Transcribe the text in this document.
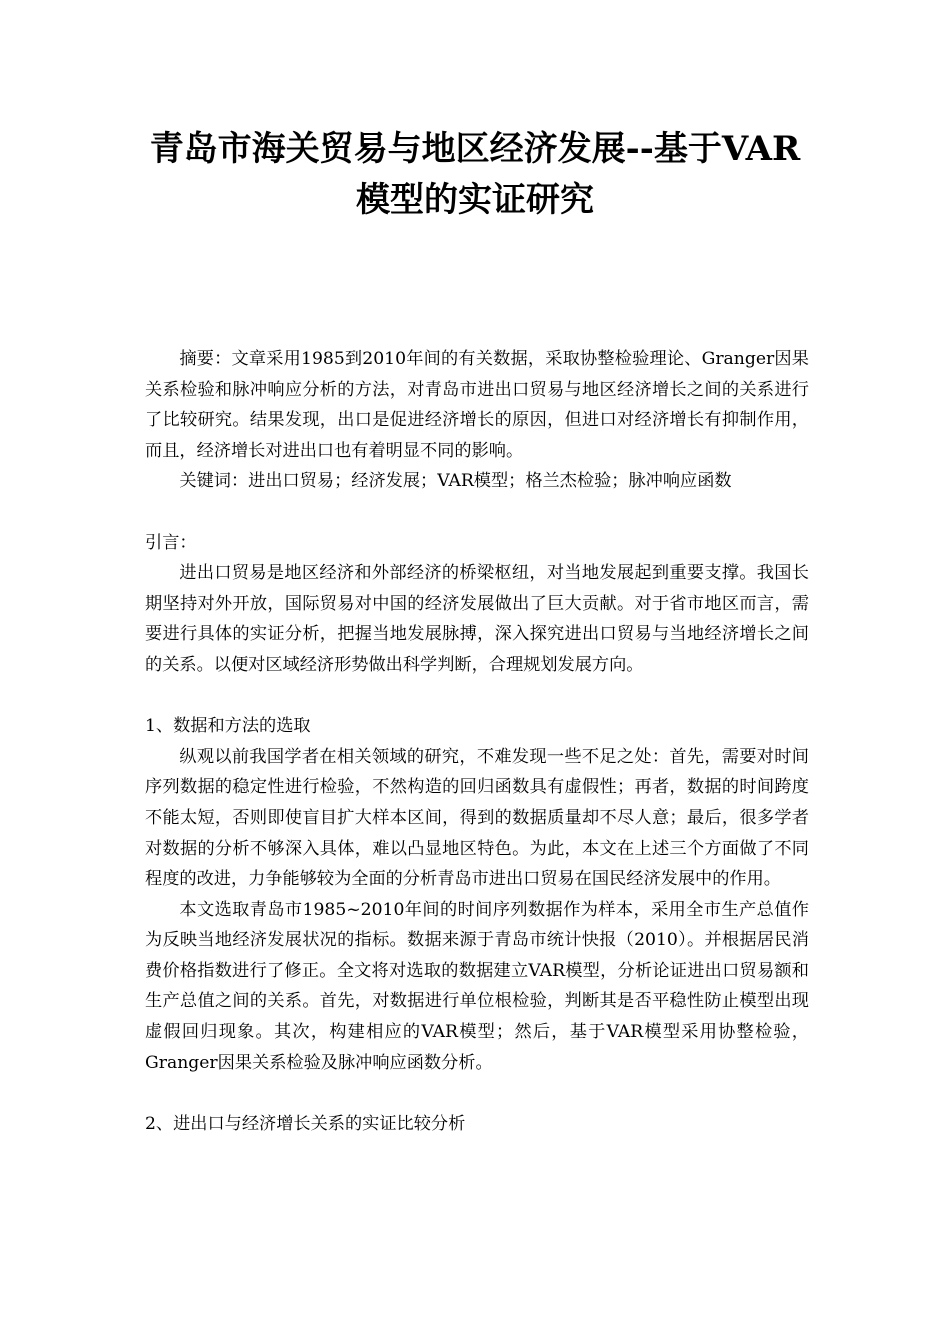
青岛市海关贸易与地区经济发展--基于VAR
模型的实证研究

摘要：文章采用1985到2010年间的有关数据，采取协整检验理论、Granger因果关系检验和脉冲响应分析的方法，对青岛市进出口贸易与地区经济增长之间的关系进行了比较研究。结果发现，出口是促进经济增长的原因，但进口对经济增长有抑制作用，而且，经济增长对进出口也有着明显不同的影响。

关键词：进出口贸易；经济发展；VAR模型；格兰杰检验；脉冲响应函数

引言：

进出口贸易是地区经济和外部经济的桥梁枢纽，对当地发展起到重要支撑。我国长期坚持对外开放，国际贸易对中国的经济发展做出了巨大贡献。对于省市地区而言，需要进行具体的实证分析，把握当地发展脉搏，深入探究进出口贸易与当地经济增长之间的关系。以便对区域经济形势做出科学判断，合理规划发展方向。

1、数据和方法的选取

纵观以前我国学者在相关领域的研究，不难发现一些不足之处：首先，需要对时间序列数据的稳定性进行检验，不然构造的回归函数具有虚假性；再者，数据的时间跨度不能太短，否则即使盲目扩大样本区间，得到的数据质量却不尽人意；最后，很多学者对数据的分析不够深入具体，难以凸显地区特色。为此，本文在上述三个方面做了不同程度的改进，力争能够较为全面的分析青岛市进出口贸易在国民经济发展中的作用。

本文选取青岛市1985~2010年间的时间序列数据作为样本，采用全市生产总值作为反映当地经济发展状况的指标。数据来源于青岛市统计快报（2010）。并根据居民消费价格指数进行了修正。全文将对选取的数据建立VAR模型，分析论证进出口贸易额和生产总值之间的关系。首先，对数据进行单位根检验，判断其是否平稳性防止模型出现虚假回归现象。其次，构建相应的VAR模型；然后，基于VAR模型采用协整检验，Granger因果关系检验及脉冲响应函数分析。

2、进出口与经济增长关系的实证比较分析
